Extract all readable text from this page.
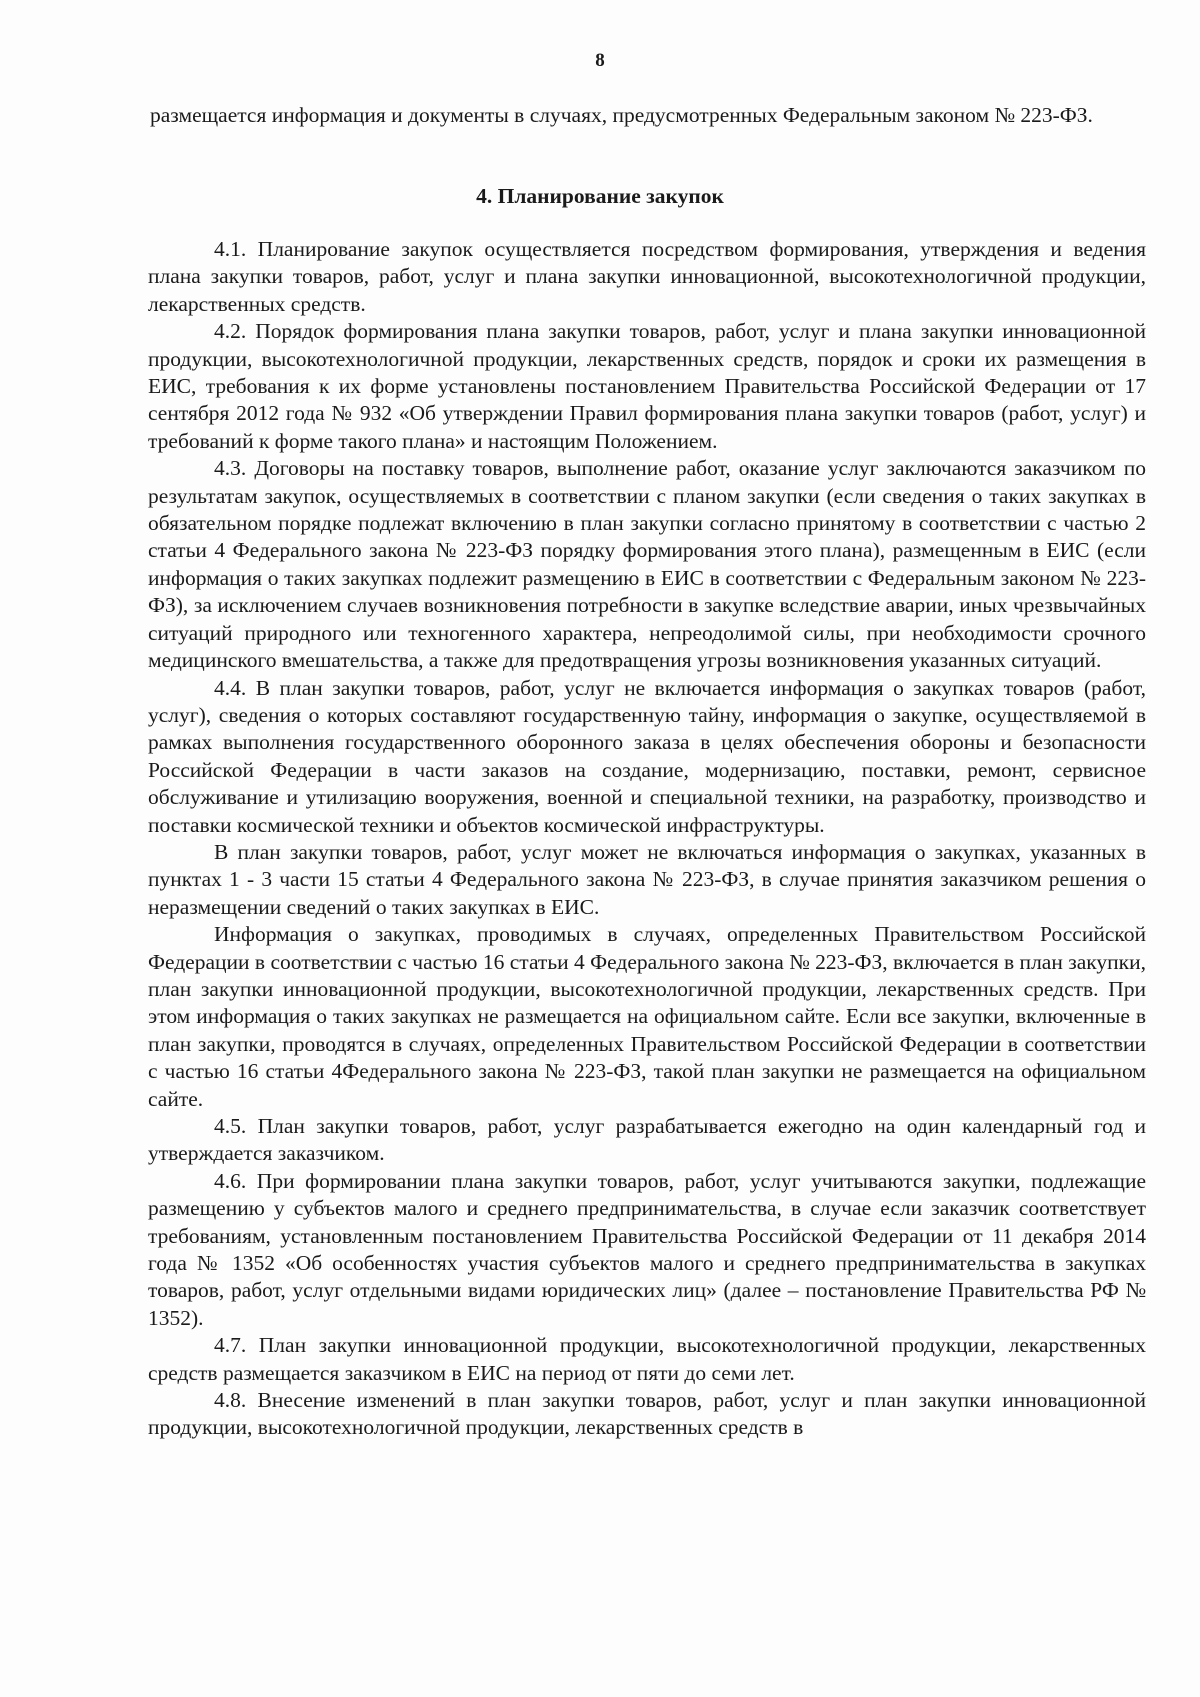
8

размещается информация и документы в случаях, предусмотренных Федеральным законом № 223-ФЗ.

4. Планирование закупок

4.1. Планирование закупок осуществляется посредством формирования, утверждения и ведения плана закупки товаров, работ, услуг и плана закупки инновационной, высокотехнологичной продукции, лекарственных средств.

4.2. Порядок формирования плана закупки товаров, работ, услуг и плана закупки инновационной продукции, высокотехнологичной продукции, лекарственных средств, порядок и сроки их размещения в ЕИС, требования к их форме установлены постановлением Правительства Российской Федерации от 17 сентября 2012 года № 932 «Об утверждении Правил формирования плана закупки товаров (работ, услуг) и требований к форме такого плана» и настоящим Положением.

4.3. Договоры на поставку товаров, выполнение работ, оказание услуг заключаются заказчиком по результатам закупок, осуществляемых в соответствии с планом закупки (если сведения о таких закупках в обязательном порядке подлежат включению в план закупки согласно принятому в соответствии с частью 2 статьи 4 Федерального закона № 223-ФЗ порядку формирования этого плана), размещенным в ЕИС (если информация о таких закупках подлежит размещению в ЕИС в соответствии с Федеральным законом № 223-ФЗ), за исключением случаев возникновения потребности в закупке вследствие аварии, иных чрезвычайных ситуаций природного или техногенного характера, непреодолимой силы, при необходимости срочного медицинского вмешательства, а также для предотвращения угрозы возникновения указанных ситуаций.

4.4. В план закупки товаров, работ, услуг не включается информация о закупках товаров (работ, услуг), сведения о которых составляют государственную тайну, информация о закупке, осуществляемой в рамках выполнения государственного оборонного заказа в целях обеспечения обороны и безопасности Российской Федерации в части заказов на создание, модернизацию, поставки, ремонт, сервисное обслуживание и утилизацию вооружения, военной и специальной техники, на разработку, производство и поставки космической техники и объектов космической инфраструктуры.

В план закупки товаров, работ, услуг может не включаться информация о закупках, указанных в пунктах 1 - 3 части 15 статьи 4 Федерального закона № 223-ФЗ, в случае принятия заказчиком решения о неразмещении сведений о таких закупках в ЕИС.

Информация о закупках, проводимых в случаях, определенных Правительством Российской Федерации в соответствии с частью 16 статьи 4 Федерального закона № 223-ФЗ, включается в план закупки, план закупки инновационной продукции, высокотехнологичной продукции, лекарственных средств. При этом информация о таких закупках не размещается на официальном сайте. Если все закупки, включенные в план закупки, проводятся в случаях, определенных Правительством Российской Федерации в соответствии с частью 16 статьи 4Федерального закона № 223-ФЗ, такой план закупки не размещается на официальном сайте.

4.5. План закупки товаров, работ, услуг разрабатывается ежегодно на один календарный год и утверждается заказчиком.

4.6. При формировании плана закупки товаров, работ, услуг учитываются закупки, подлежащие размещению у субъектов малого и среднего предпринимательства, в случае если заказчик соответствует требованиям, установленным постановлением Правительства Российской Федерации от 11 декабря 2014 года № 1352 «Об особенностях участия субъектов малого и среднего предпринимательства в закупках товаров, работ, услуг отдельными видами юридических лиц» (далее – постановление Правительства РФ № 1352).

4.7. План закупки инновационной продукции, высокотехнологичной продукции, лекарственных средств размещается заказчиком в ЕИС на период от пяти до семи лет.

4.8. Внесение изменений в план закупки товаров, работ, услуг и план закупки инновационной продукции, высокотехнологичной продукции, лекарственных средств в
